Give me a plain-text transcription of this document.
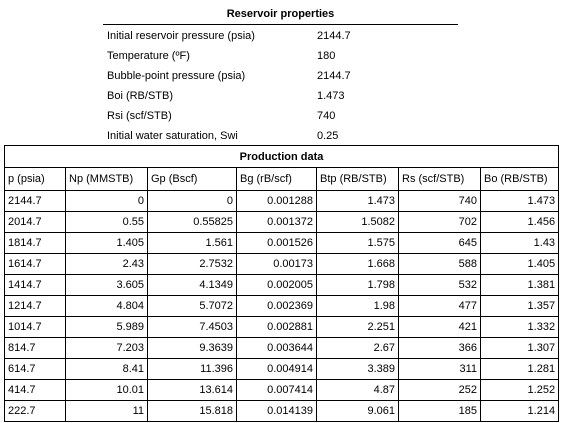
Reservoir properties
Initial reservoir pressure (psia)	2144.7
Temperature (ºF)	180
Bubble-point pressure (psia)	2144.7
Boi (RB/STB)	1.473
Rsi (scf/STB)	740
Initial water saturation, Swi	0.25
Production data						
p (psia)	Np (MMSTB)	Gp (Bscf)	Bg (rB/scf)	Btp (RB/STB)	Rs (scf/STB)	Bo (RB/STB)
2144.7	0	0	0.001288	1.473	740	1.473
2014.7	0.55	0.55825	0.001372	1.5082	702	1.456
1814.7	1.405	1.561	0.001526	1.575	645	1.43
1614.7	2.43	2.7532	0.00173	1.668	588	1.405
1414.7	3.605	4.1349	0.002005	1.798	532	1.381
1214.7	4.804	5.7072	0.002369	1.98	477	1.357
1014.7	5.989	7.4503	0.002881	2.251	421	1.332
814.7	7.203	9.3639	0.003644	2.67	366	1.307
614.7	8.41	11.396	0.004914	3.389	311	1.281
414.7	10.01	13.614	0.007414	4.87	252	1.252
222.7	11	15.818	0.014139	9.061	185	1.214
